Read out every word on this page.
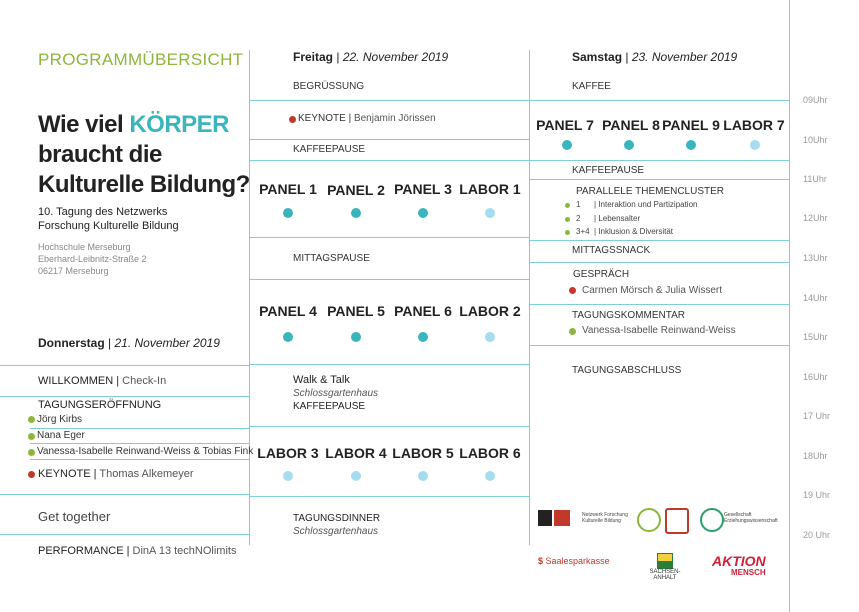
PROGRAMMÜBERSICHT
Wie viel KÖRPER
braucht die
Kulturelle Bildung?
10. Tagung des Netzwerks
Forschung Kulturelle Bildung
Hochschule Merseburg
Eberhard-Leibnitz-Straße 2
06217 Merseburg
Donnerstag | 21. November 2019
WILLKOMMEN | Check-In
TAGUNGSERÖFFNUNG
Jörg Kirbs
Nana Eger
Vanessa-Isabelle Reinwand-Weiss & Tobias Fink
KEYNOTE | Thomas Alkemeyer
Get together
PERFORMANCE | DinA 13 techNOlimits
Freitag | 22. November 2019
BEGRÜSSUNG
KEYNOTE | Benjamin Jörissen
KAFFEEPAUSE
PANEL 1 PANEL 2 PANEL 3 LABOR 1
MITTAGSPAUSE
PANEL 4 PANEL 5 PANEL 6 LABOR 2
Walk & Talk
Schlossgartenhaus
KAFFEEPAUSE
LABOR 3 LABOR 4 LABOR 5 LABOR 6
TAGUNGSDINNER
Schlossgartenhaus
Samstag | 23. November 2019
KAFFEE
PANEL 7 PANEL 8 PANEL 9 LABOR 7
KAFFEEPAUSE
PARALLELE THEMENCLUSTER
1 | Interaktion und Partizipation
2 | Lebensalter
3+4 | Inklusion & Diversität
MITTAGSSNACK
GESPRÄCH
Carmen Mörsch & Julia Wissert
TAGUNGSKOMMENTAR
Vanessa-Isabelle Reinwand-Weiss
TAGUNGSABSCHLUSS
09Uhr
10Uhr
11Uhr
12Uhr
13Uhr
14Uhr
15Uhr
16Uhr
17 Uhr
18Uhr
19 Uhr
20 Uhr
Netzwerk Forschung Kulturelle Bildung
Gesellschaft Erziehungswissenschaft
$ Saalesparkasse
SACHSEN-ANHALT
AKTION
MENSCH
